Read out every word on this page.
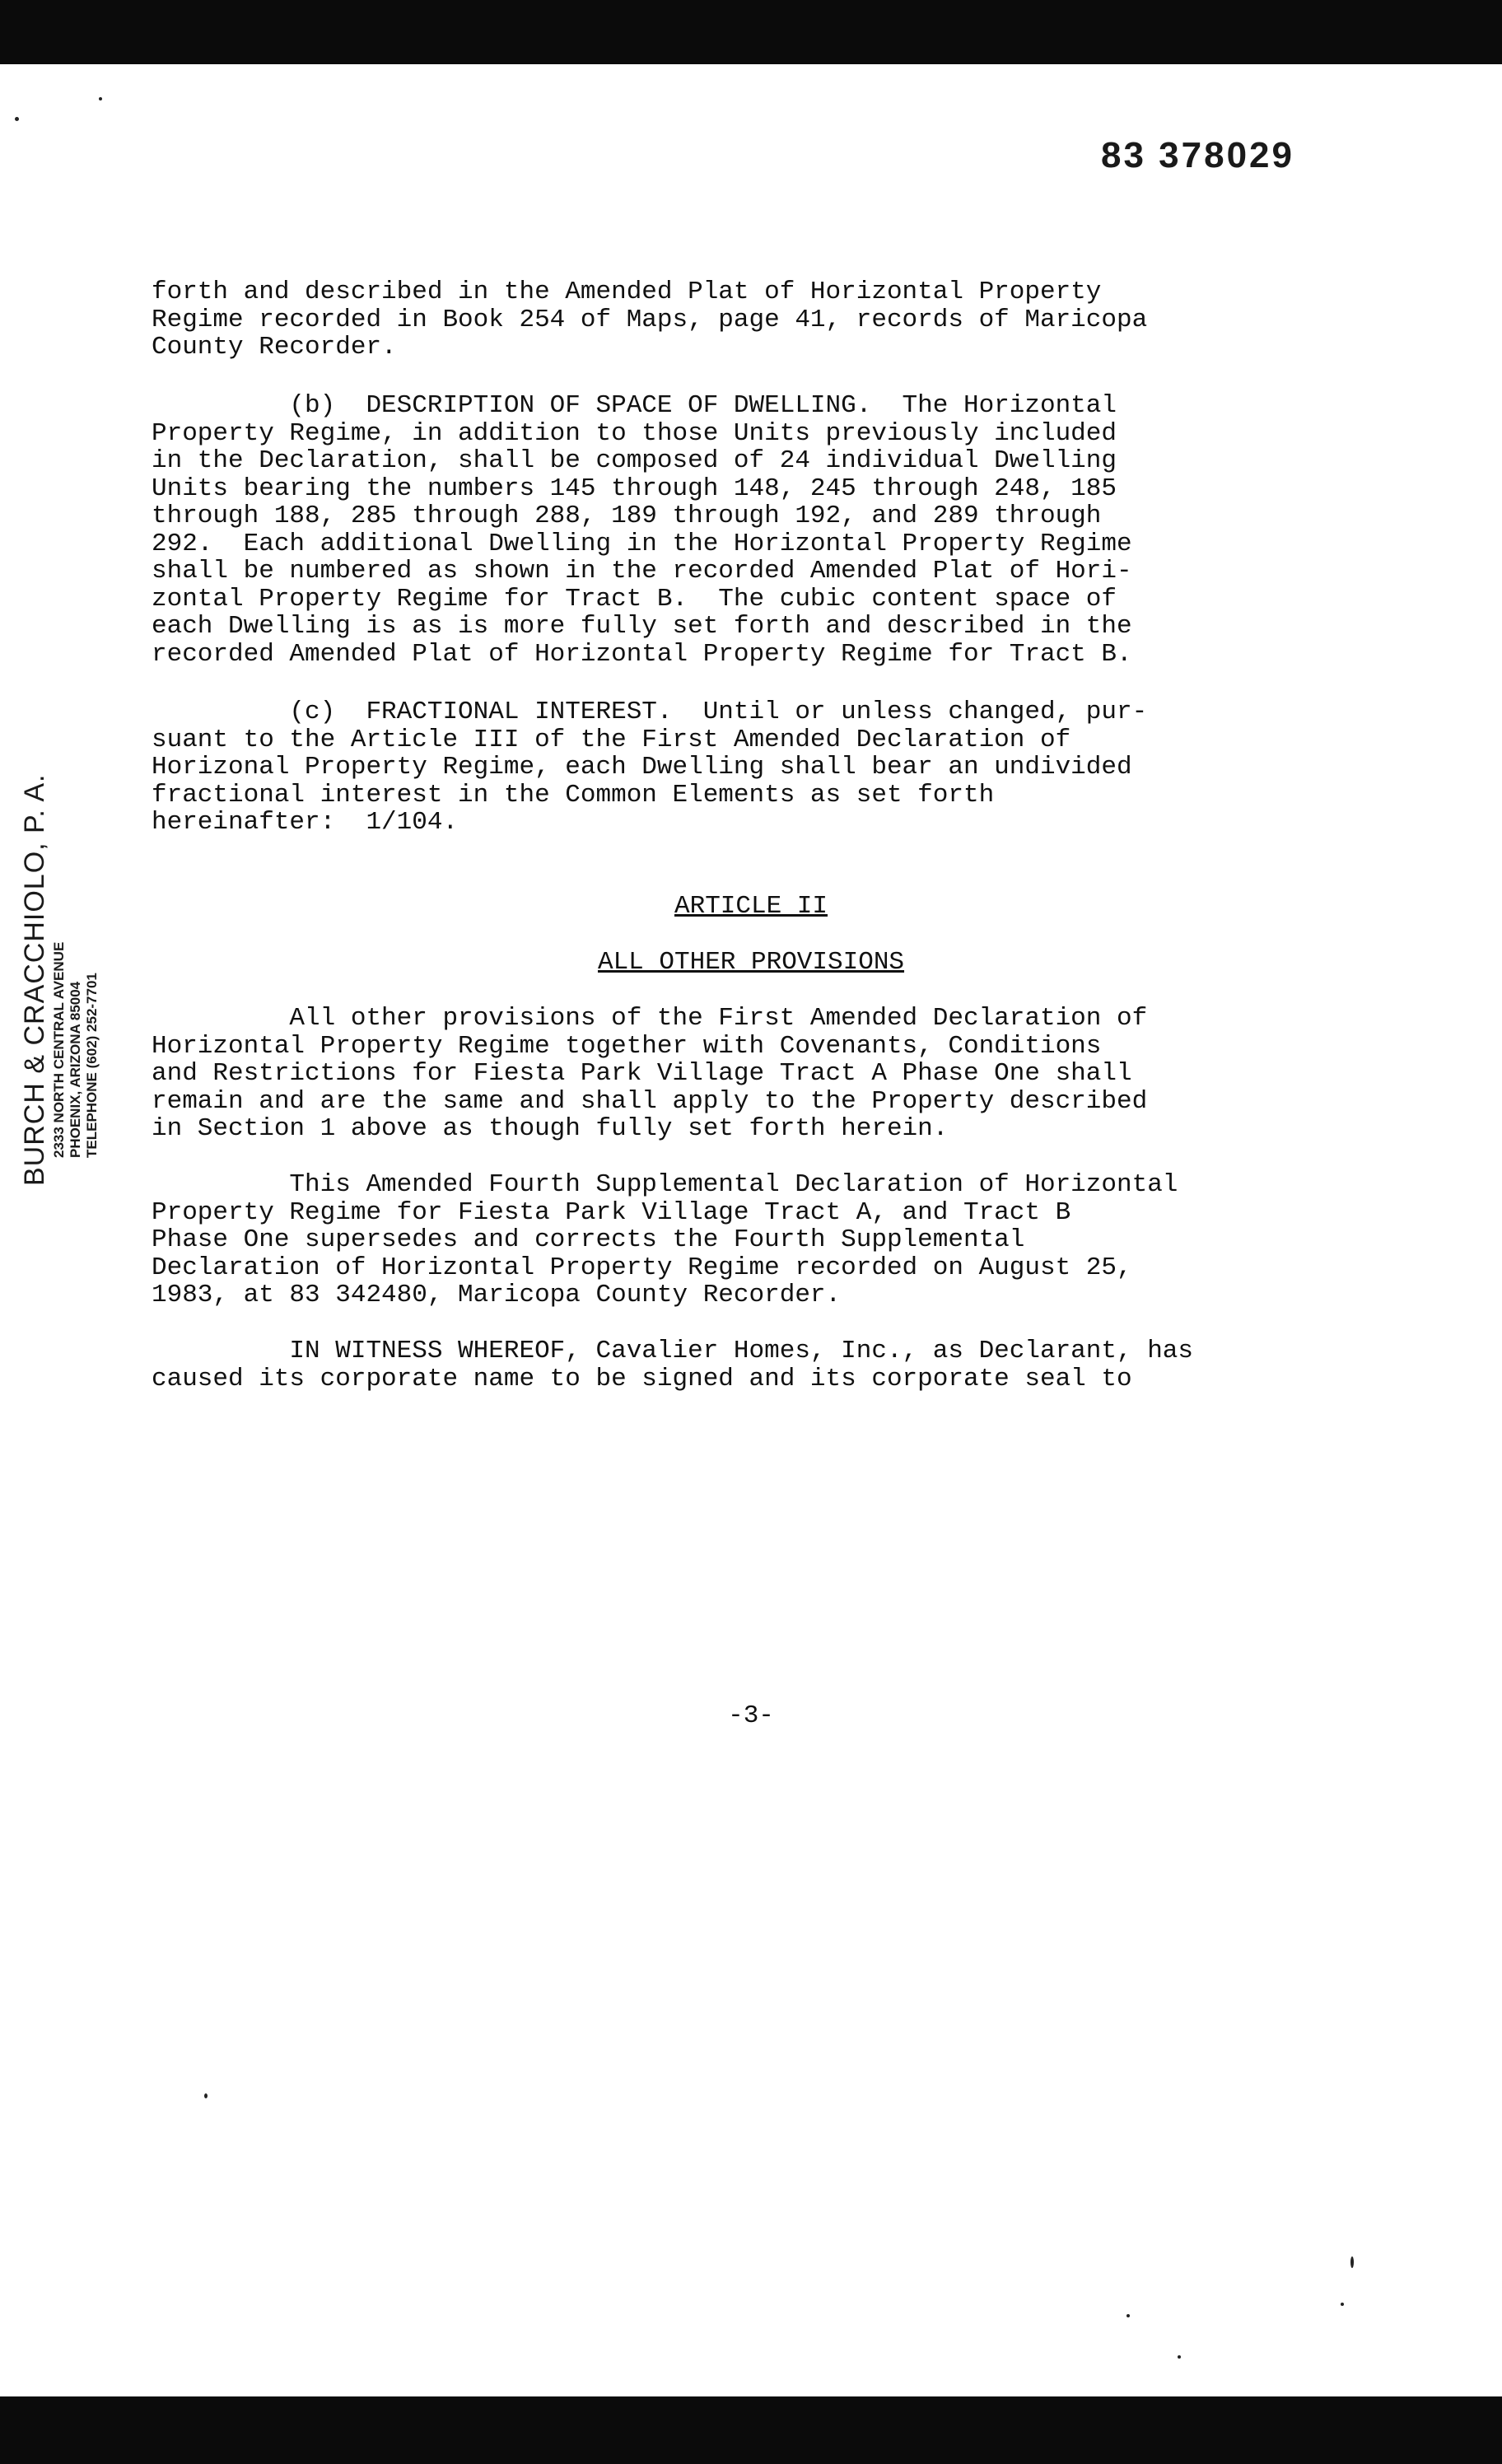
83 378029
forth and described in the Amended Plat of Horizontal Property
Regime recorded in Book 254 of Maps, page 41, records of Maricopa
County Recorder.
(b)  DESCRIPTION OF SPACE OF DWELLING.  The Horizontal
Property Regime, in addition to those Units previously included
in the Declaration, shall be composed of 24 individual Dwelling
Units bearing the numbers 145 through 148, 245 through 248, 185
through 188, 285 through 288, 189 through 192, and 289 through
292.  Each additional Dwelling in the Horizontal Property Regime
shall be numbered as shown in the recorded Amended Plat of Hori-
zontal Property Regime for Tract B.  The cubic content space of
each Dwelling is as is more fully set forth and described in the
recorded Amended Plat of Horizontal Property Regime for Tract B.
(c)  FRACTIONAL INTEREST.  Until or unless changed, pur-
suant to the Article III of the First Amended Declaration of
Horizonal Property Regime, each Dwelling shall bear an undivided
fractional interest in the Common Elements as set forth
hereinafter:  1/104.
ARTICLE II
ALL OTHER PROVISIONS
All other provisions of the First Amended Declaration of
Horizontal Property Regime together with Covenants, Conditions
and Restrictions for Fiesta Park Village Tract A Phase One shall
remain and are the same and shall apply to the Property described
in Section 1 above as though fully set forth herein.
This Amended Fourth Supplemental Declaration of Horizontal
Property Regime for Fiesta Park Village Tract A, and Tract B
Phase One supersedes and corrects the Fourth Supplemental
Declaration of Horizontal Property Regime recorded on August 25,
1983, at 83 342480, Maricopa County Recorder.
IN WITNESS WHEREOF, Cavalier Homes, Inc., as Declarant, has
caused its corporate name to be signed and its corporate seal to
-3-
BURCH & CRACCHIOLO, P. A. 2333 NORTH CENTRAL AVENUE PHOENIX, ARIZONA 85004 TELEPHONE (602) 252-7701
